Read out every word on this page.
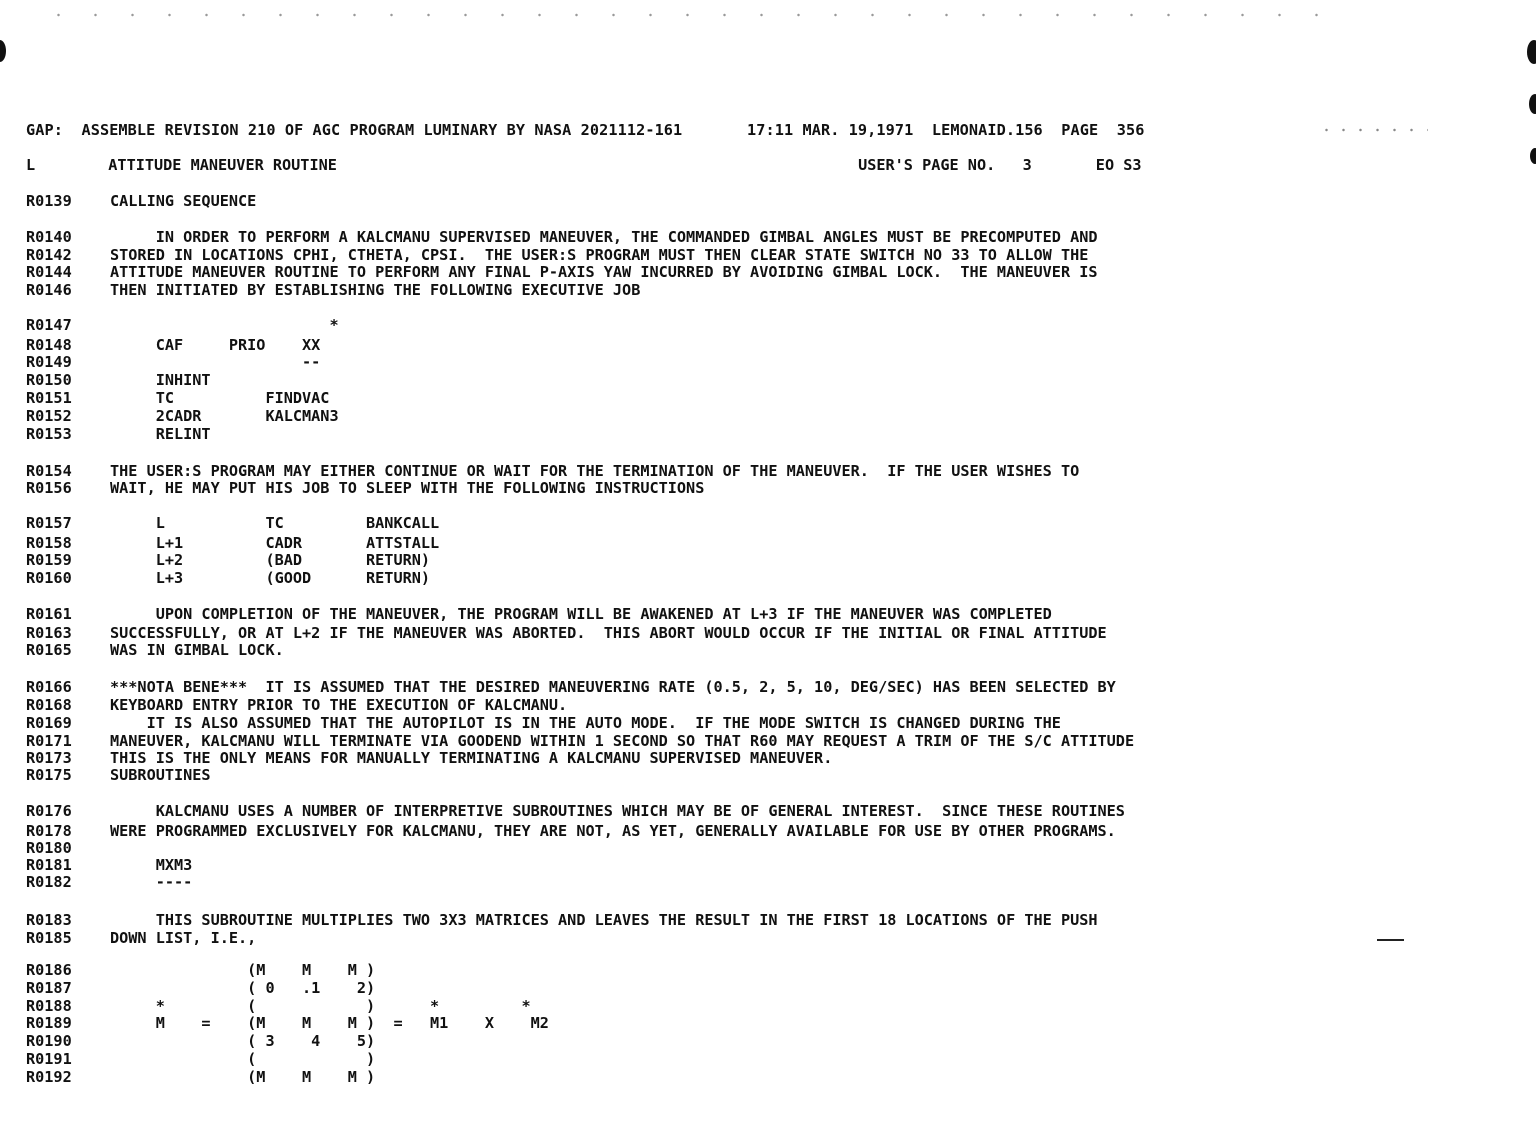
GAP:  ASSEMBLE REVISION 210 OF AGC PROGRAM LUMINARY BY NASA 2021112-161       17:11 MAR. 19,1971  LEMONAID.156  PAGE  356
L        ATTITUDE MANEUVER ROUTINE                                                         USER'S PAGE NO.   3       EO S3
R0139	CALLING SEQUENCE
R0140	IN ORDER TO PERFORM A KALCMANU SUPERVISED MANEUVER, THE COMMANDED GIMBAL ANGLES MUST BE PRECOMPUTED AND
R0142	STORED IN LOCATIONS CPHI, CTHETA, CPSI.  THE USER:S PROGRAM MUST THEN CLEAR STATE SWITCH NO 33 TO ALLOW THE
R0144	ATTITUDE MANEUVER ROUTINE TO PERFORM ANY FINAL P-AXIS YAW INCURRED BY AVOIDING GIMBAL LOCK.  THE MANEUVER IS
R0146	THEN INITIATED BY ESTABLISHING THE FOLLOWING EXECUTIVE JOB
R0147	*
R0148	CAF     PRIO    XX
R0149	--
R0150	INHINT
R0151	TC          FINDVAC
R0152	2CADR       KALCMAN3
R0153	RELINT
R0154	THE USER:S PROGRAM MAY EITHER CONTINUE OR WAIT FOR THE TERMINATION OF THE MANEUVER.  IF THE USER WISHES TO
R0156	WAIT, HE MAY PUT HIS JOB TO SLEEP WITH THE FOLLOWING INSTRUCTIONS
R0157	L           TC         BANKCALL
R0158	L+1         CADR       ATTSTALL
R0159	L+2         (BAD       RETURN)
R0160	L+3         (GOOD      RETURN)
R0161	UPON COMPLETION OF THE MANEUVER, THE PROGRAM WILL BE AWAKENED AT L+3 IF THE MANEUVER WAS COMPLETED
R0163	SUCCESSFULLY, OR AT L+2 IF THE MANEUVER WAS ABORTED.  THIS ABORT WOULD OCCUR IF THE INITIAL OR FINAL ATTITUDE
R0165	WAS IN GIMBAL LOCK.
R0166	***NOTA BENE***  IT IS ASSUMED THAT THE DESIRED MANEUVERING RATE (0.5, 2, 5, 10, DEG/SEC) HAS BEEN SELECTED BY
R0168	KEYBOARD ENTRY PRIOR TO THE EXECUTION OF KALCMANU.
R0169	IT IS ALSO ASSUMED THAT THE AUTOPILOT IS IN THE AUTO MODE.  IF THE MODE SWITCH IS CHANGED DURING THE
R0171	MANEUVER, KALCMANU WILL TERMINATE VIA GOODEND WITHIN 1 SECOND SO THAT R60 MAY REQUEST A TRIM OF THE S/C ATTITUDE
R0173	THIS IS THE ONLY MEANS FOR MANUALLY TERMINATING A KALCMANU SUPERVISED MANEUVER.
R0175	SUBROUTINES
R0176	KALCMANU USES A NUMBER OF INTERPRETIVE SUBROUTINES WHICH MAY BE OF GENERAL INTEREST.  SINCE THESE ROUTINES
R0178	WERE PROGRAMMED EXCLUSIVELY FOR KALCMANU, THEY ARE NOT, AS YET, GENERALLY AVAILABLE FOR USE BY OTHER PROGRAMS.
R0180
R0181	MXM3
R0182	----
R0183	THIS SUBROUTINE MULTIPLIES TWO 3X3 MATRICES AND LEAVES THE RESULT IN THE FIRST 18 LOCATIONS OF THE PUSH
R0185	DOWN LIST, I.E.,
R0186	(M    M    M )
R0187	( 0   .1    2)
R0188	*         (            )      *         *
R0189	M    =    (M    M    M )  =   M1    X    M2
R0190	( 3    4    5)
R0191	(            )
R0192	(M    M    M )
